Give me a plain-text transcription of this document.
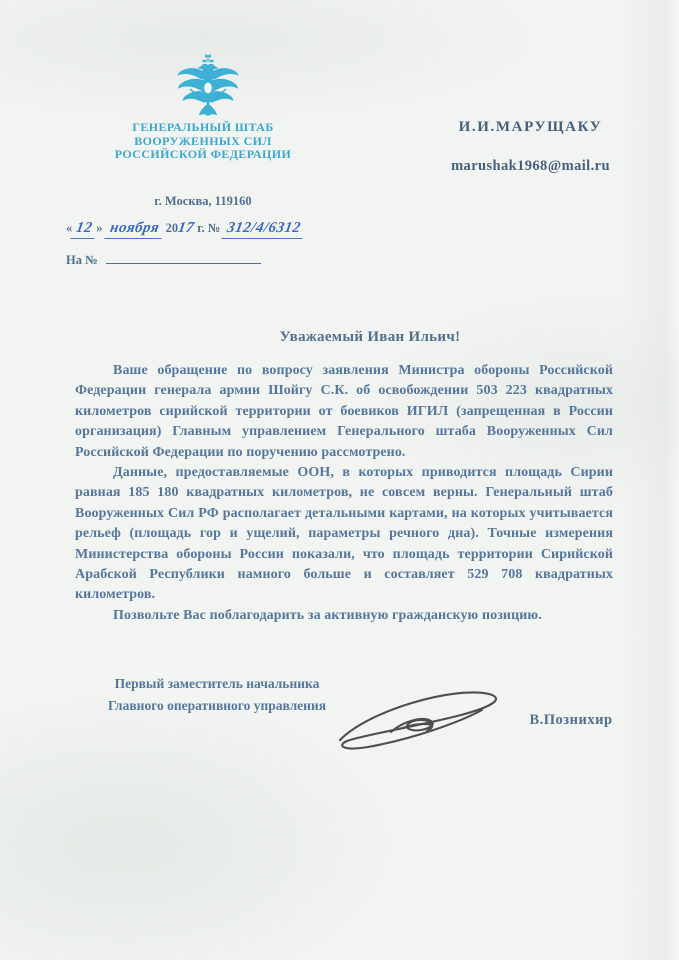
ГЕНЕРАЛЬНЫЙ ШТАБ
ВООРУЖЕННЫХ СИЛ
РОССИЙСКОЙ ФЕДЕРАЦИИ
И.И.МАРУЩАКУ
marushak1968@mail.ru
г. Москва, 119160
« 12 » ноября 2017 г. № 312/4/6312
На №
Уважаемый Иван Ильич!

Ваше обращение по вопросу заявления Министра обороны Российской Федерации генерала армии Шойгу С.К. об освобождении 503 223 квадратных километров сирийской территории от боевиков ИГИЛ (запрещенная в России организация) Главным управлением Генерального штаба Вооруженных Сил Российской Федерации по поручению рассмотрено.

Данные, предоставляемые ООН, в которых приводится площадь Сирии равная 185 180 квадратных километров, не совсем верны. Генеральный штаб Вооруженных Сил РФ располагает детальными картами, на которых учитывается рельеф (площадь гор и ущелий, параметры речного дна). Точные измерения Министерства обороны России показали, что площадь территории Сирийской Арабской Республики намного больше и составляет 529 708 квадратных километров.

Позвольте Вас поблагодарить за активную гражданскую позицию.

Первый заместитель начальника
Главного оперативного управления
В.Познихир
